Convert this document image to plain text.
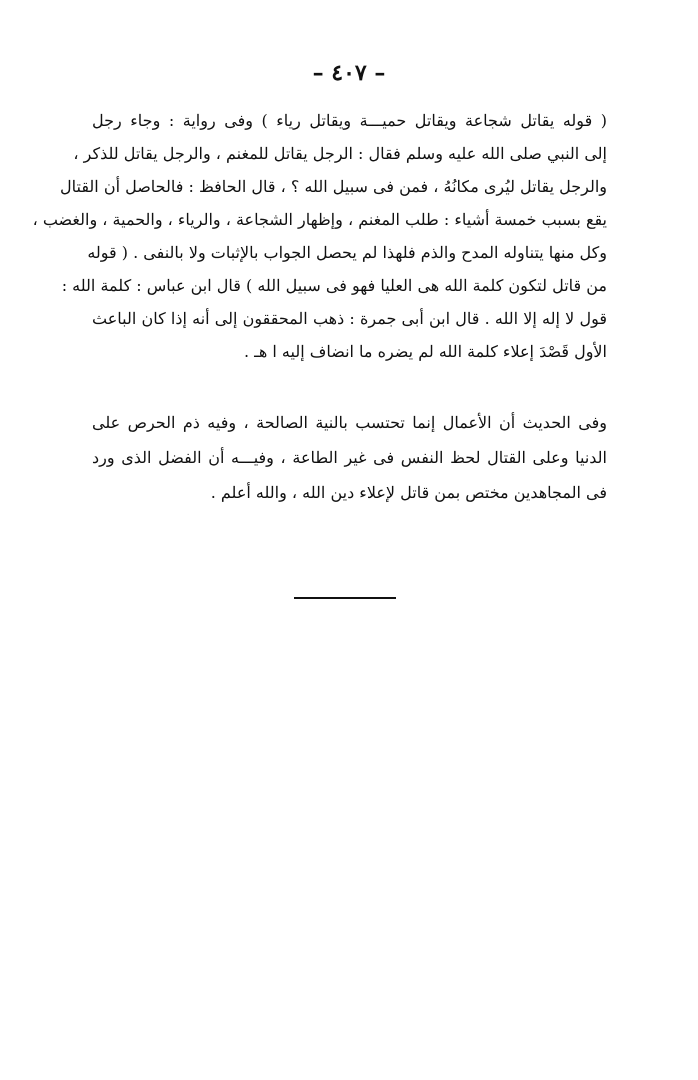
– ٤٠٧ –
( قوله يقاتل شجاعة ويقاتل حميـــة ويقاتل رياء ) وفى رواية : وجاء رجل
إلى النبي صلى الله عليه وسلم فقال : الرجل يقاتل للمغنم ، والرجل يقاتل للذكر ،
والرجل يقاتل ليُرى مكانُهُ ، فمن فى سبيل الله ؟ ، قال الحافظ : فالحاصل أن القتال
يقع بسبب خمسة أشياء : طلب المغنم ، وإظهار الشجاعة ، والرياء ، والحمية ، والغضب ،
وكل منها يتناوله المدح والذم فلهذا لم يحصل الجواب بالإثبات ولا بالنفى . ( قوله
من قاتل لتكون كلمة الله هى العليا فهو فى سبيل الله ) قال ابن عباس : كلمة الله :
قول لا إله إلا الله . قال ابن أبى جمرة : ذهب المحققون إلى أنه إذا كان الباعث
الأول قَصْدَ إعلاء كلمة الله لم يضره ما انضاف إليه ا هـ .
وفى الحديث أن الأعمال إنما تحتسب بالنية الصالحة ، وفيه ذم الحرص على
الدنيا وعلى القتال لحظ النفس فى غير الطاعة ، وفيـــه أن الفضل الذى ورد
فى المجاهدين مختص بمن قاتل لإعلاء دين الله ، والله أعلم .
